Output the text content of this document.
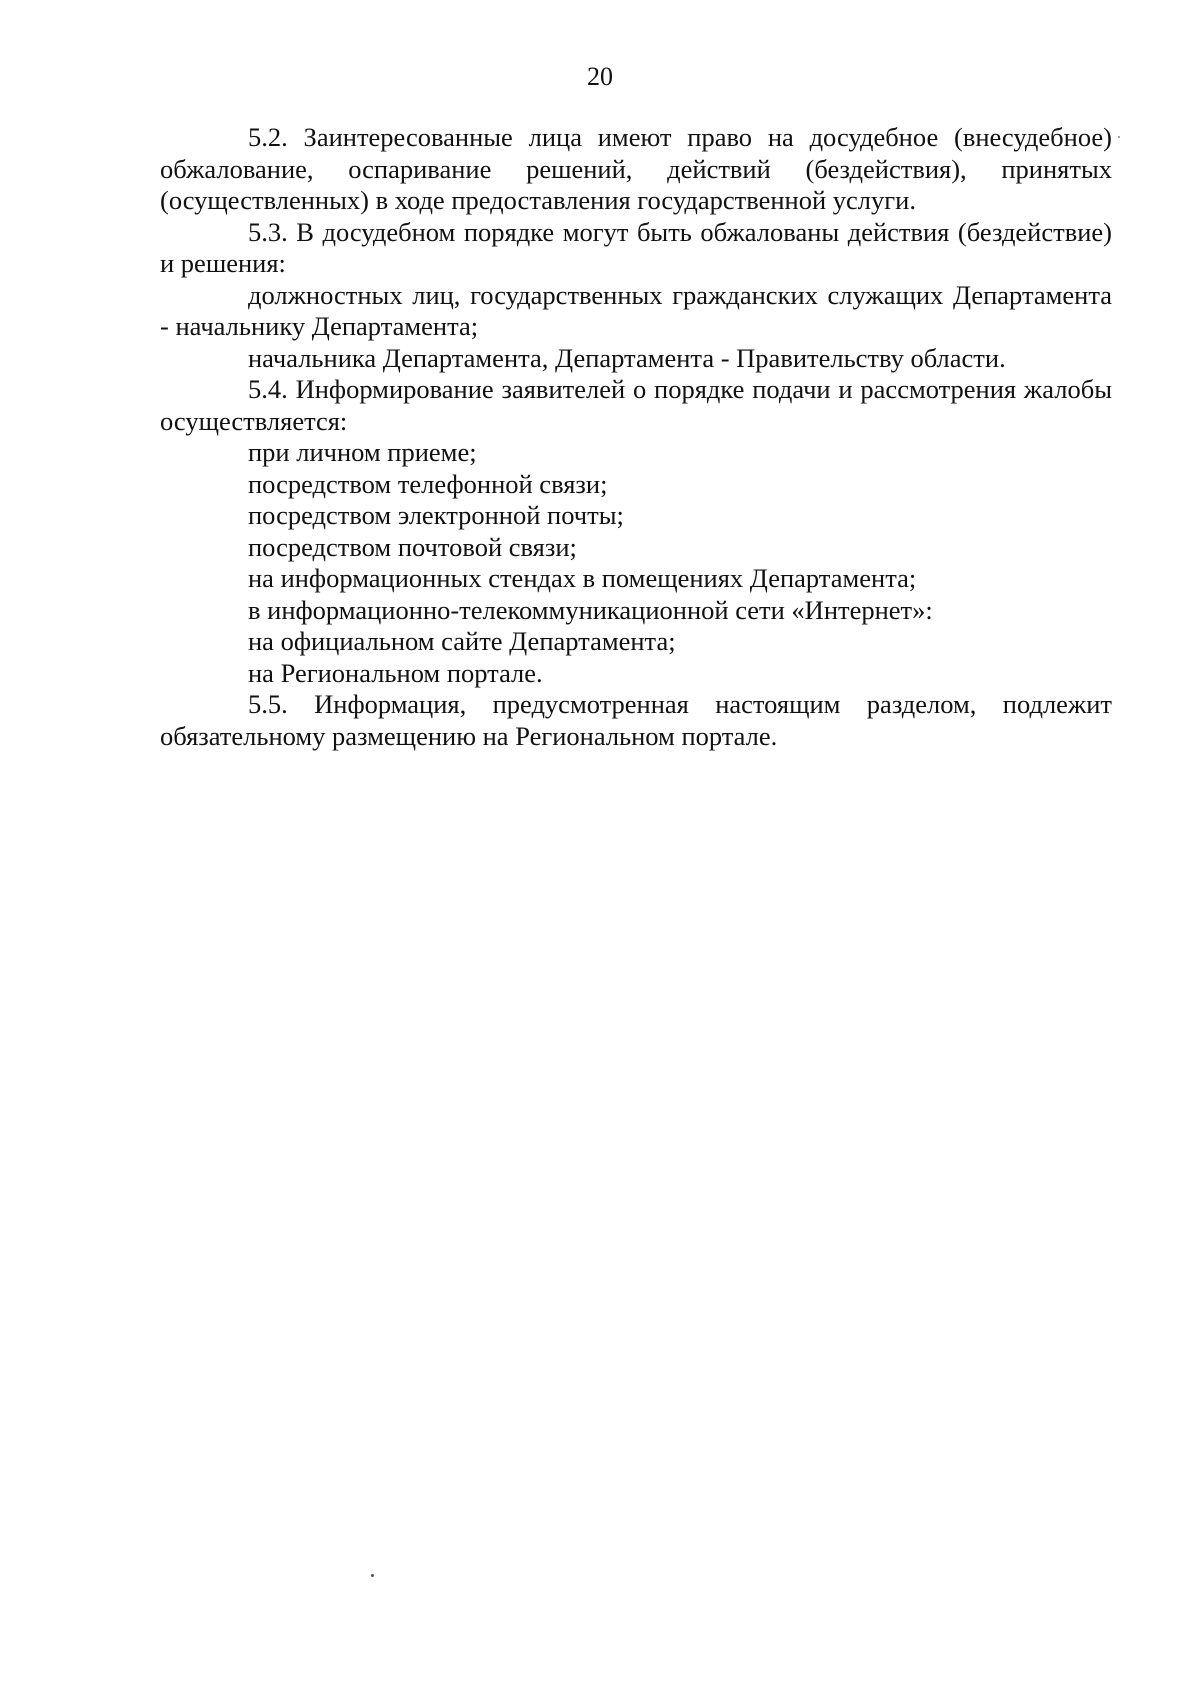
20

5.2. Заинтересованные лица имеют право на досудебное (внесудебное) обжалование, оспаривание решений, действий (бездействия), принятых (осуществленных) в ходе предоставления государственной услуги.

5.3. В досудебном порядке могут быть обжалованы действия (бездействие) и решения:

должностных лиц, государственных гражданских служащих Департамента - начальнику Департамента;

начальника Департамента, Департамента - Правительству области.

5.4. Информирование заявителей о порядке подачи и рассмотрения жалобы осуществляется:

при личном приеме;

посредством телефонной связи;

посредством электронной почты;

посредством почтовой связи;

на информационных стендах в помещениях Департамента;

в информационно-телекоммуникационной сети «Интернет»:

на официальном сайте Департамента;

на Региональном портале.

5.5. Информация, предусмотренная настоящим разделом, подлежит обязательному размещению на Региональном портале.
